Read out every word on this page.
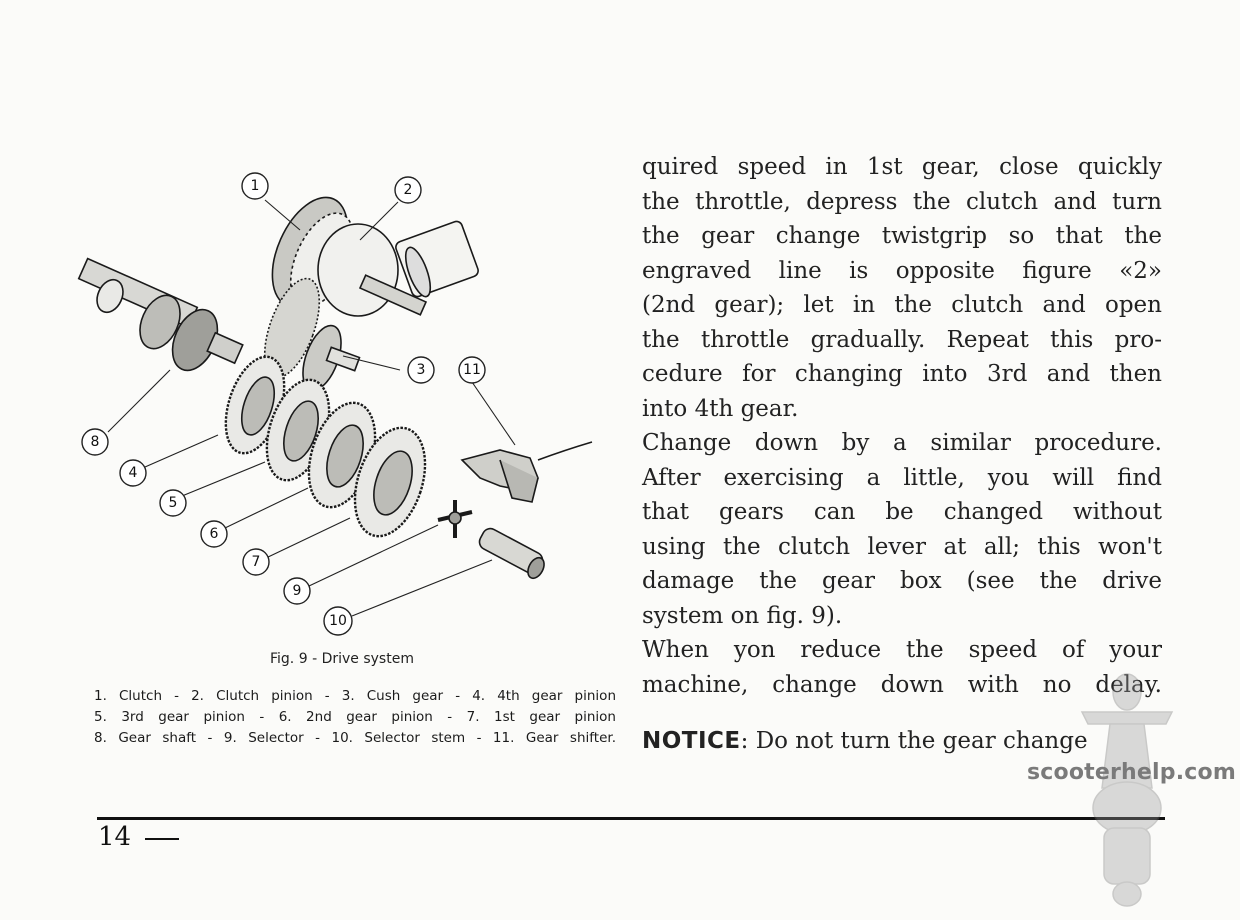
1	2
3
4
5
6
7
8
9
10
11
Fig. 9 - Drive system
1. Clutch - 2. Clutch pinion - 3. Cush gear - 4. 4th gear pinion
5. 3rd gear pinion - 6. 2nd gear pinion - 7. 1st gear pinion
8. Gear shaft - 9. Selector - 10. Selector stem - 11. Gear shifter.
quired speed in 1st gear, close quickly
the throttle, depress the clutch and turn
the gear change twistgrip so that the
engraved line is opposite figure «2»
(2nd gear); let in the clutch and open
the throttle gradually. Repeat this pro-
cedure for changing into 3rd and then
into 4th gear.
Change down by a similar procedure.
After exercising a little, you will find
that gears can be changed without
using the clutch lever at all; this won't
damage the gear box (see the drive
system on fig. 9).
When yon reduce the speed of your
machine, change down with no delay.
NOTICE: Do not turn the gear change
14
scooterhelp.com
